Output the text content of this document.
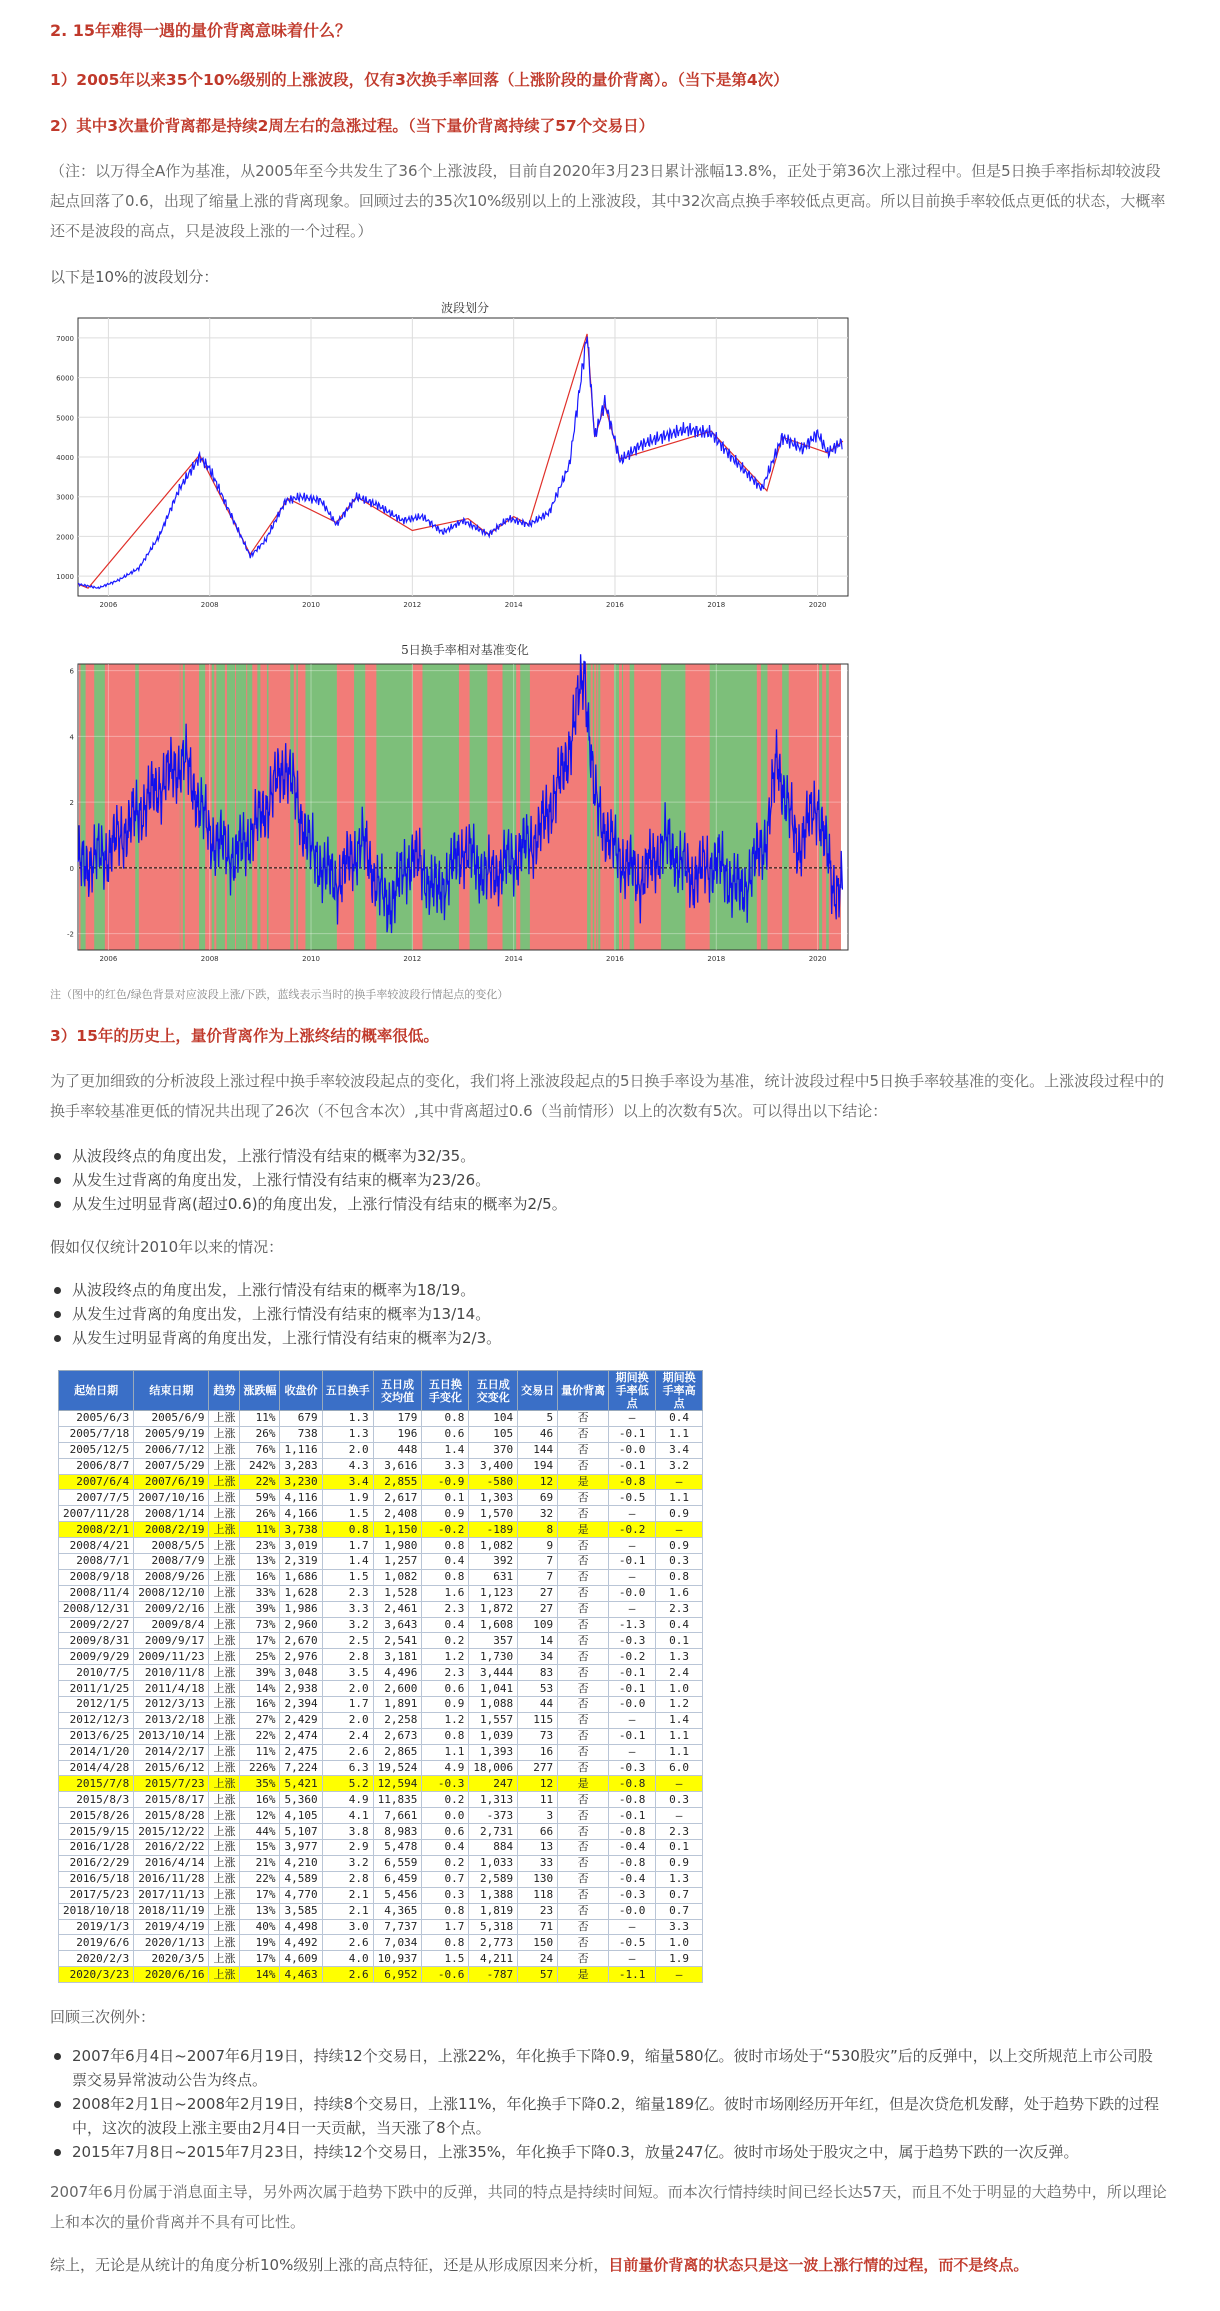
2. 15年难得一遇的量价背离意味着什么？
1）2005年以来35个10%级别的上涨波段，仅有3次换手率回落（上涨阶段的量价背离）。（当下是第4次）
2）其中3次量价背离都是持续2周左右的急涨过程。（当下量价背离持续了57个交易日）
（注：以万得全A作为基准，从2005年至今共发生了36个上涨波段，目前自2020年3月23日累计涨幅13.8%，正处于第36次上涨过程中。但是5日换手率指标却较波段起点回落了0.6，出现了缩量上涨的背离现象。回顾过去的35次10%级别以上的上涨波段，其中32次高点换手率较低点更高。所以目前换手率较低点更低的状态，大概率还不是波段的高点，只是波段上涨的一个过程。）
以下是10%的波段划分：
波段划分
1000
2000
3000
4000
5000
6000
7000
2006	2008	2010	2012	2014	2016	2018	2020
5日换手率相对基准变化
-2
0
2
4
6
2006	2008	2010	2012	2014	2016	2018	2020
注（图中的红色/绿色背景对应波段上涨/下跌，蓝线表示当时的换手率较波段行情起点的变化）
3）15年的历史上，量价背离作为上涨终结的概率很低。
为了更加细致的分析波段上涨过程中换手率较波段起点的变化，我们将上涨波段起点的5日换手率设为基准，统计波段过程中5日换手率较基准的变化。上涨波段过程中的换手率较基准更低的情况共出现了26次（不包含本次）,其中背离超过0.6（当前情形）以上的次数有5次。可以得出以下结论：
从波段终点的角度出发，上涨行情没有结束的概率为32/35。
从发生过背离的角度出发，上涨行情没有结束的概率为23/26。
从发生过明显背离(超过0.6)的角度出发，上涨行情没有结束的概率为2/5。
假如仅仅统计2010年以来的情况：
从波段终点的角度出发，上涨行情没有结束的概率为18/19。
从发生过背离的角度出发，上涨行情没有结束的概率为13/14。
从发生过明显背离的角度出发，上涨行情没有结束的概率为2/3。
起始日期	结束日期	趋势	涨跌幅	收盘价	五日换手	五日成交均值	五日换手变化	五日成交变化	交易日	量价背离	期间换手率低点	期间换手率高点
2005/6/3	2005/6/9	上涨	11%	679	1.3	179	0.8	104	5	否	–	0.4
2005/7/18	2005/9/19	上涨	26%	738	1.3	196	0.6	105	46	否	-0.1	1.1
2005/12/5	2006/7/12	上涨	76%	1,116	2.0	448	1.4	370	144	否	-0.0	3.4
2006/8/7	2007/5/29	上涨	242%	3,283	4.3	3,616	3.3	3,400	194	否	-0.1	3.2
2007/6/4	2007/6/19	上涨	22%	3,230	3.4	2,855	-0.9	-580	12	是	-0.8	–
2007/7/5	2007/10/16	上涨	59%	4,116	1.9	2,617	0.1	1,303	69	否	-0.5	1.1
2007/11/28	2008/1/14	上涨	26%	4,166	1.5	2,408	0.9	1,570	32	否	–	0.9
2008/2/1	2008/2/19	上涨	11%	3,738	0.8	1,150	-0.2	-189	8	是	-0.2	–
2008/4/21	2008/5/5	上涨	23%	3,019	1.7	1,980	0.8	1,082	9	否	–	0.9
2008/7/1	2008/7/9	上涨	13%	2,319	1.4	1,257	0.4	392	7	否	-0.1	0.3
2008/9/18	2008/9/26	上涨	16%	1,686	1.5	1,082	0.8	631	7	否	–	0.8
2008/11/4	2008/12/10	上涨	33%	1,628	2.3	1,528	1.6	1,123	27	否	-0.0	1.6
2008/12/31	2009/2/16	上涨	39%	1,986	3.3	2,461	2.3	1,872	27	否	–	2.3
2009/2/27	2009/8/4	上涨	73%	2,960	3.2	3,643	0.4	1,608	109	否	-1.3	0.4
2009/8/31	2009/9/17	上涨	17%	2,670	2.5	2,541	0.2	357	14	否	-0.3	0.1
2009/9/29	2009/11/23	上涨	25%	2,976	2.8	3,181	1.2	1,730	34	否	-0.2	1.3
2010/7/5	2010/11/8	上涨	39%	3,048	3.5	4,496	2.3	3,444	83	否	-0.1	2.4
2011/1/25	2011/4/18	上涨	14%	2,938	2.0	2,600	0.6	1,041	53	否	-0.1	1.0
2012/1/5	2012/3/13	上涨	16%	2,394	1.7	1,891	0.9	1,088	44	否	-0.0	1.2
2012/12/3	2013/2/18	上涨	27%	2,429	2.0	2,258	1.2	1,557	115	否	–	1.4
2013/6/25	2013/10/14	上涨	22%	2,474	2.4	2,673	0.8	1,039	73	否	-0.1	1.1
2014/1/20	2014/2/17	上涨	11%	2,475	2.6	2,865	1.1	1,393	16	否	–	1.1
2014/4/28	2015/6/12	上涨	226%	7,224	6.3	19,524	4.9	18,006	277	否	-0.3	6.0
2015/7/8	2015/7/23	上涨	35%	5,421	5.2	12,594	-0.3	247	12	是	-0.8	–
2015/8/3	2015/8/17	上涨	16%	5,360	4.9	11,835	0.2	1,313	11	否	-0.8	0.3
2015/8/26	2015/8/28	上涨	12%	4,105	4.1	7,661	0.0	-373	3	否	-0.1	–
2015/9/15	2015/12/22	上涨	44%	5,107	3.8	8,983	0.6	2,731	66	否	-0.8	2.3
2016/1/28	2016/2/22	上涨	15%	3,977	2.9	5,478	0.4	884	13	否	-0.4	0.1
2016/2/29	2016/4/14	上涨	21%	4,210	3.2	6,559	0.2	1,033	33	否	-0.8	0.9
2016/5/18	2016/11/28	上涨	22%	4,589	2.8	6,459	0.7	2,589	130	否	-0.4	1.3
2017/5/23	2017/11/13	上涨	17%	4,770	2.1	5,456	0.3	1,388	118	否	-0.3	0.7
2018/10/18	2018/11/19	上涨	13%	3,585	2.1	4,365	0.8	1,819	23	否	-0.0	0.7
2019/1/3	2019/4/19	上涨	40%	4,498	3.0	7,737	1.7	5,318	71	否	–	3.3
2019/6/6	2020/1/13	上涨	19%	4,492	2.6	7,034	0.8	2,773	150	否	-0.5	1.0
2020/2/3	2020/3/5	上涨	17%	4,609	4.0	10,937	1.5	4,211	24	否	–	1.9
2020/3/23	2020/6/16	上涨	14%	4,463	2.6	6,952	-0.6	-787	57	是	-1.1	–
回顾三次例外：
2007年6月4日~2007年6月19日，持续12个交易日，上涨22%，年化换手下降0.9，缩量580亿。彼时市场处于“530股灾”后的反弹中，以上交所规范上市公司股票交易异常波动公告为终点。
2008年2月1日~2008年2月19日，持续8个交易日，上涨11%，年化换手下降0.2，缩量189亿。彼时市场刚经历开年红，但是次贷危机发酵，处于趋势下跌的过程中，这次的波段上涨主要由2月4日一天贡献，当天涨了8个点。
2015年7月8日~2015年7月23日，持续12个交易日，上涨35%，年化换手下降0.3，放量247亿。彼时市场处于股灾之中，属于趋势下跌的一次反弹。
2007年6月份属于消息面主导，另外两次属于趋势下跌中的反弹，共同的特点是持续时间短。而本次行情持续时间已经长达57天，而且不处于明显的大趋势中，所以理论上和本次的量价背离并不具有可比性。
综上，无论是从统计的角度分析10%级别上涨的高点特征，还是从形成原因来分析，目前量价背离的状态只是这一波上涨行情的过程，而不是终点。
